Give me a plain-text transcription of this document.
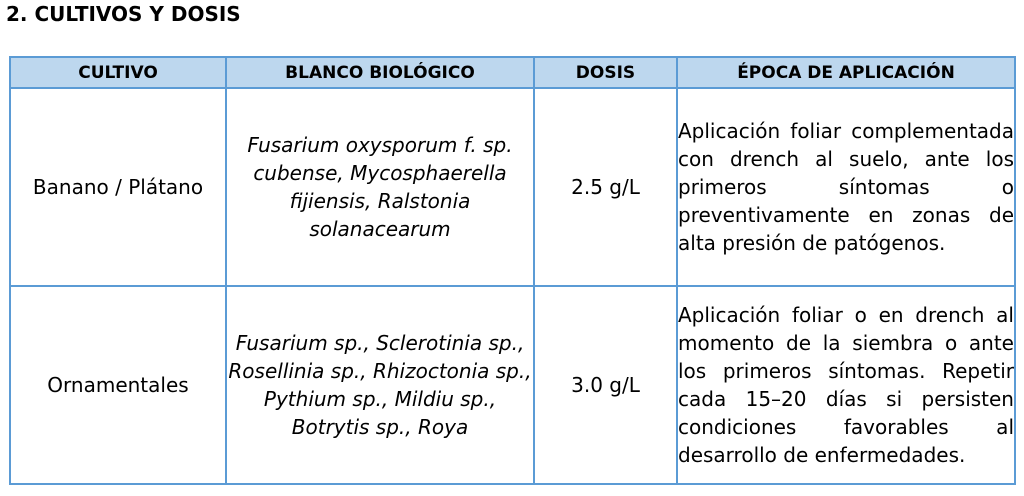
2. CULTIVOS Y DOSIS
CULTIVO	BLANCO BIOLÓGICO	DOSIS	ÉPOCA DE APLICACIÓN
Banano / Plátano	Fusarium oxysporum f. sp. cubense, Mycosphaerella fijiensis, Ralstonia solanacearum	2.5 g/L	Aplicación foliar complementada con drench al suelo, ante los primeros síntomas o preventivamente en zonas de alta presión de patógenos.
Ornamentales	Fusarium sp., Sclerotinia sp., Rosellinia sp., Rhizoctonia sp., Pythium sp., Mildiu sp., Botrytis sp., Roya	3.0 g/L	Aplicación foliar o en drench al momento de la siembra o ante los primeros síntomas. Repetir cada 15–20 días si persisten condiciones favorables al desarrollo de enfermedades.
